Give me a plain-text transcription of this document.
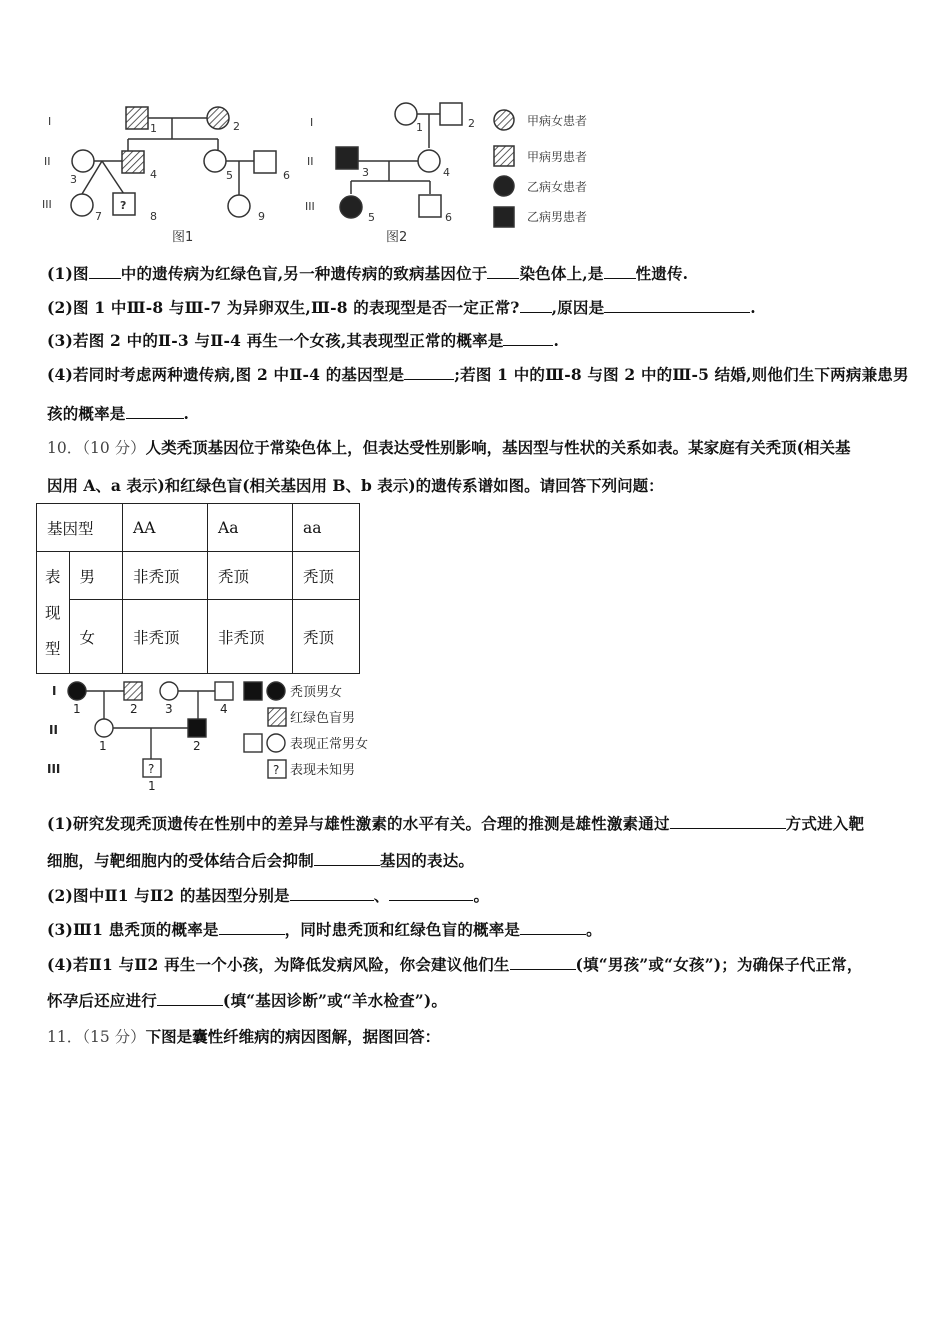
I
II
III
1	2
3	4	5	6
7	9
8
?
图1
I
II
III
1	2
3	4
5	6
图2
甲病女患者
甲病男患者
乙病女患者
乙病男患者
(1)图 中的遗传病为红绿色盲,另一种遗传病的致病基因位于 染色体上,是 性遗传.
(2)图 1 中Ⅲ-8 与Ⅲ-7 为异卵双生,Ⅲ-8 的表现型是否一定正常? ,原因是	.
(3)若图 2 中的Ⅱ-3 与Ⅱ-4 再生一个女孩,其表现型正常的概率是	.
(4)若同时考虑两种遗传病,图 2 中Ⅱ-4 的基因型是	;若图 1 中的Ⅲ-8 与图 2 中的Ⅲ-5 结婚,则他们生下两病兼患男
孩的概率是	.
10．（10 分）人类秃顶基因位于常染色体上，但表达受性别影响，基因型与性状的关系如表。某家庭有关秃顶(相关基
因用 A、a 表示)和红绿色盲(相关基因用 B、b 表示)的遗传系谱如图。请回答下列问题：
基因型		AA	Aa	aa
表
现
型	男	非秃顶	秃顶	秃顶
	女	非秃顶	非秃顶	秃顶
I
II
III
1	2 3	4
1	2
1
?	?
秃顶男女
红绿色盲男
表现正常男女
表现未知男
(1)研究发现秃顶遗传在性别中的差异与雄性激素的水平有关。合理的推测是雄性激素通过	方式进入靶
细胞，与靶细胞内的受体结合后会抑制	基因的表达。
(2)图中Ⅱ1 与Ⅱ2 的基因型分别是	、	。
(3)Ⅲ1 患秃顶的概率是	，同时患秃顶和红绿色盲的概率是	。
(4)若Ⅱ1 与Ⅱ2 再生一个小孩，为降低发病风险，你会建议他们生	(填“男孩”或“女孩”)；为确保子代正常，
怀孕后还应进行	(填“基因诊断”或“羊水检查”)。
11．（15 分）下图是囊性纤维病的病因图解，据图回答：
